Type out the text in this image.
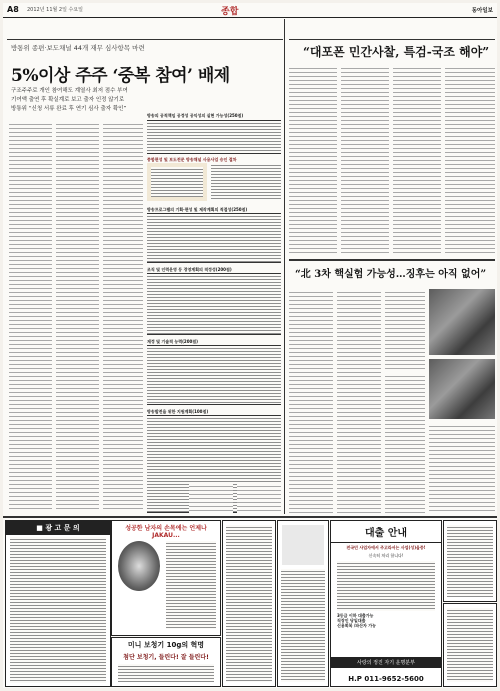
A8 2012년 11월 2일 수요일	종합	동아일보
방통위 종편·보도채널 44개 재무 심사항목 마련
5%이상 주주 ‘중복 참여’ 배제
구조주주로 개인 참여해도 계열사 최저 점수 부여
기여액 출연 후 확실계로 보고 출자 인정 않기로
방통위 “신청 서류 완료 후 연기 심사 출자 확인”
방송의 공적책임 공정성 공익성의 실현 가능성(250점)
종합편성 및 보도전문 방송채널 사용사업 승인 절차
방송프로그램의 기획·편성 및 제작계획의 적절성(250점)
조직 및 인력운영 등 경영계획의 적정성(200점)
재정 및 기술적 능력(200점)
방송발전을 위한 지원계획(100점)
“대포폰 민간사찰, 특검-국조 해야”
“北 3차 핵실험 가능성…징후는 아직 없어”
■ 광 고 문 의	성공한 남자의 손목에는 언제나 JAKAU...
미니 보청기 10g의 혁명
첨단 보청기, 들린다! 잘 들린다!
대출 안내
전국민 사업자에서 주고라서는 사업(성)을증!
신속히 처리 합니다!
3등급 이하 대출가능
직장인 당일대출
신용회복 /파산자 가능
사랑의 정진 자기 운명분부
H.P 011-9652-5600
